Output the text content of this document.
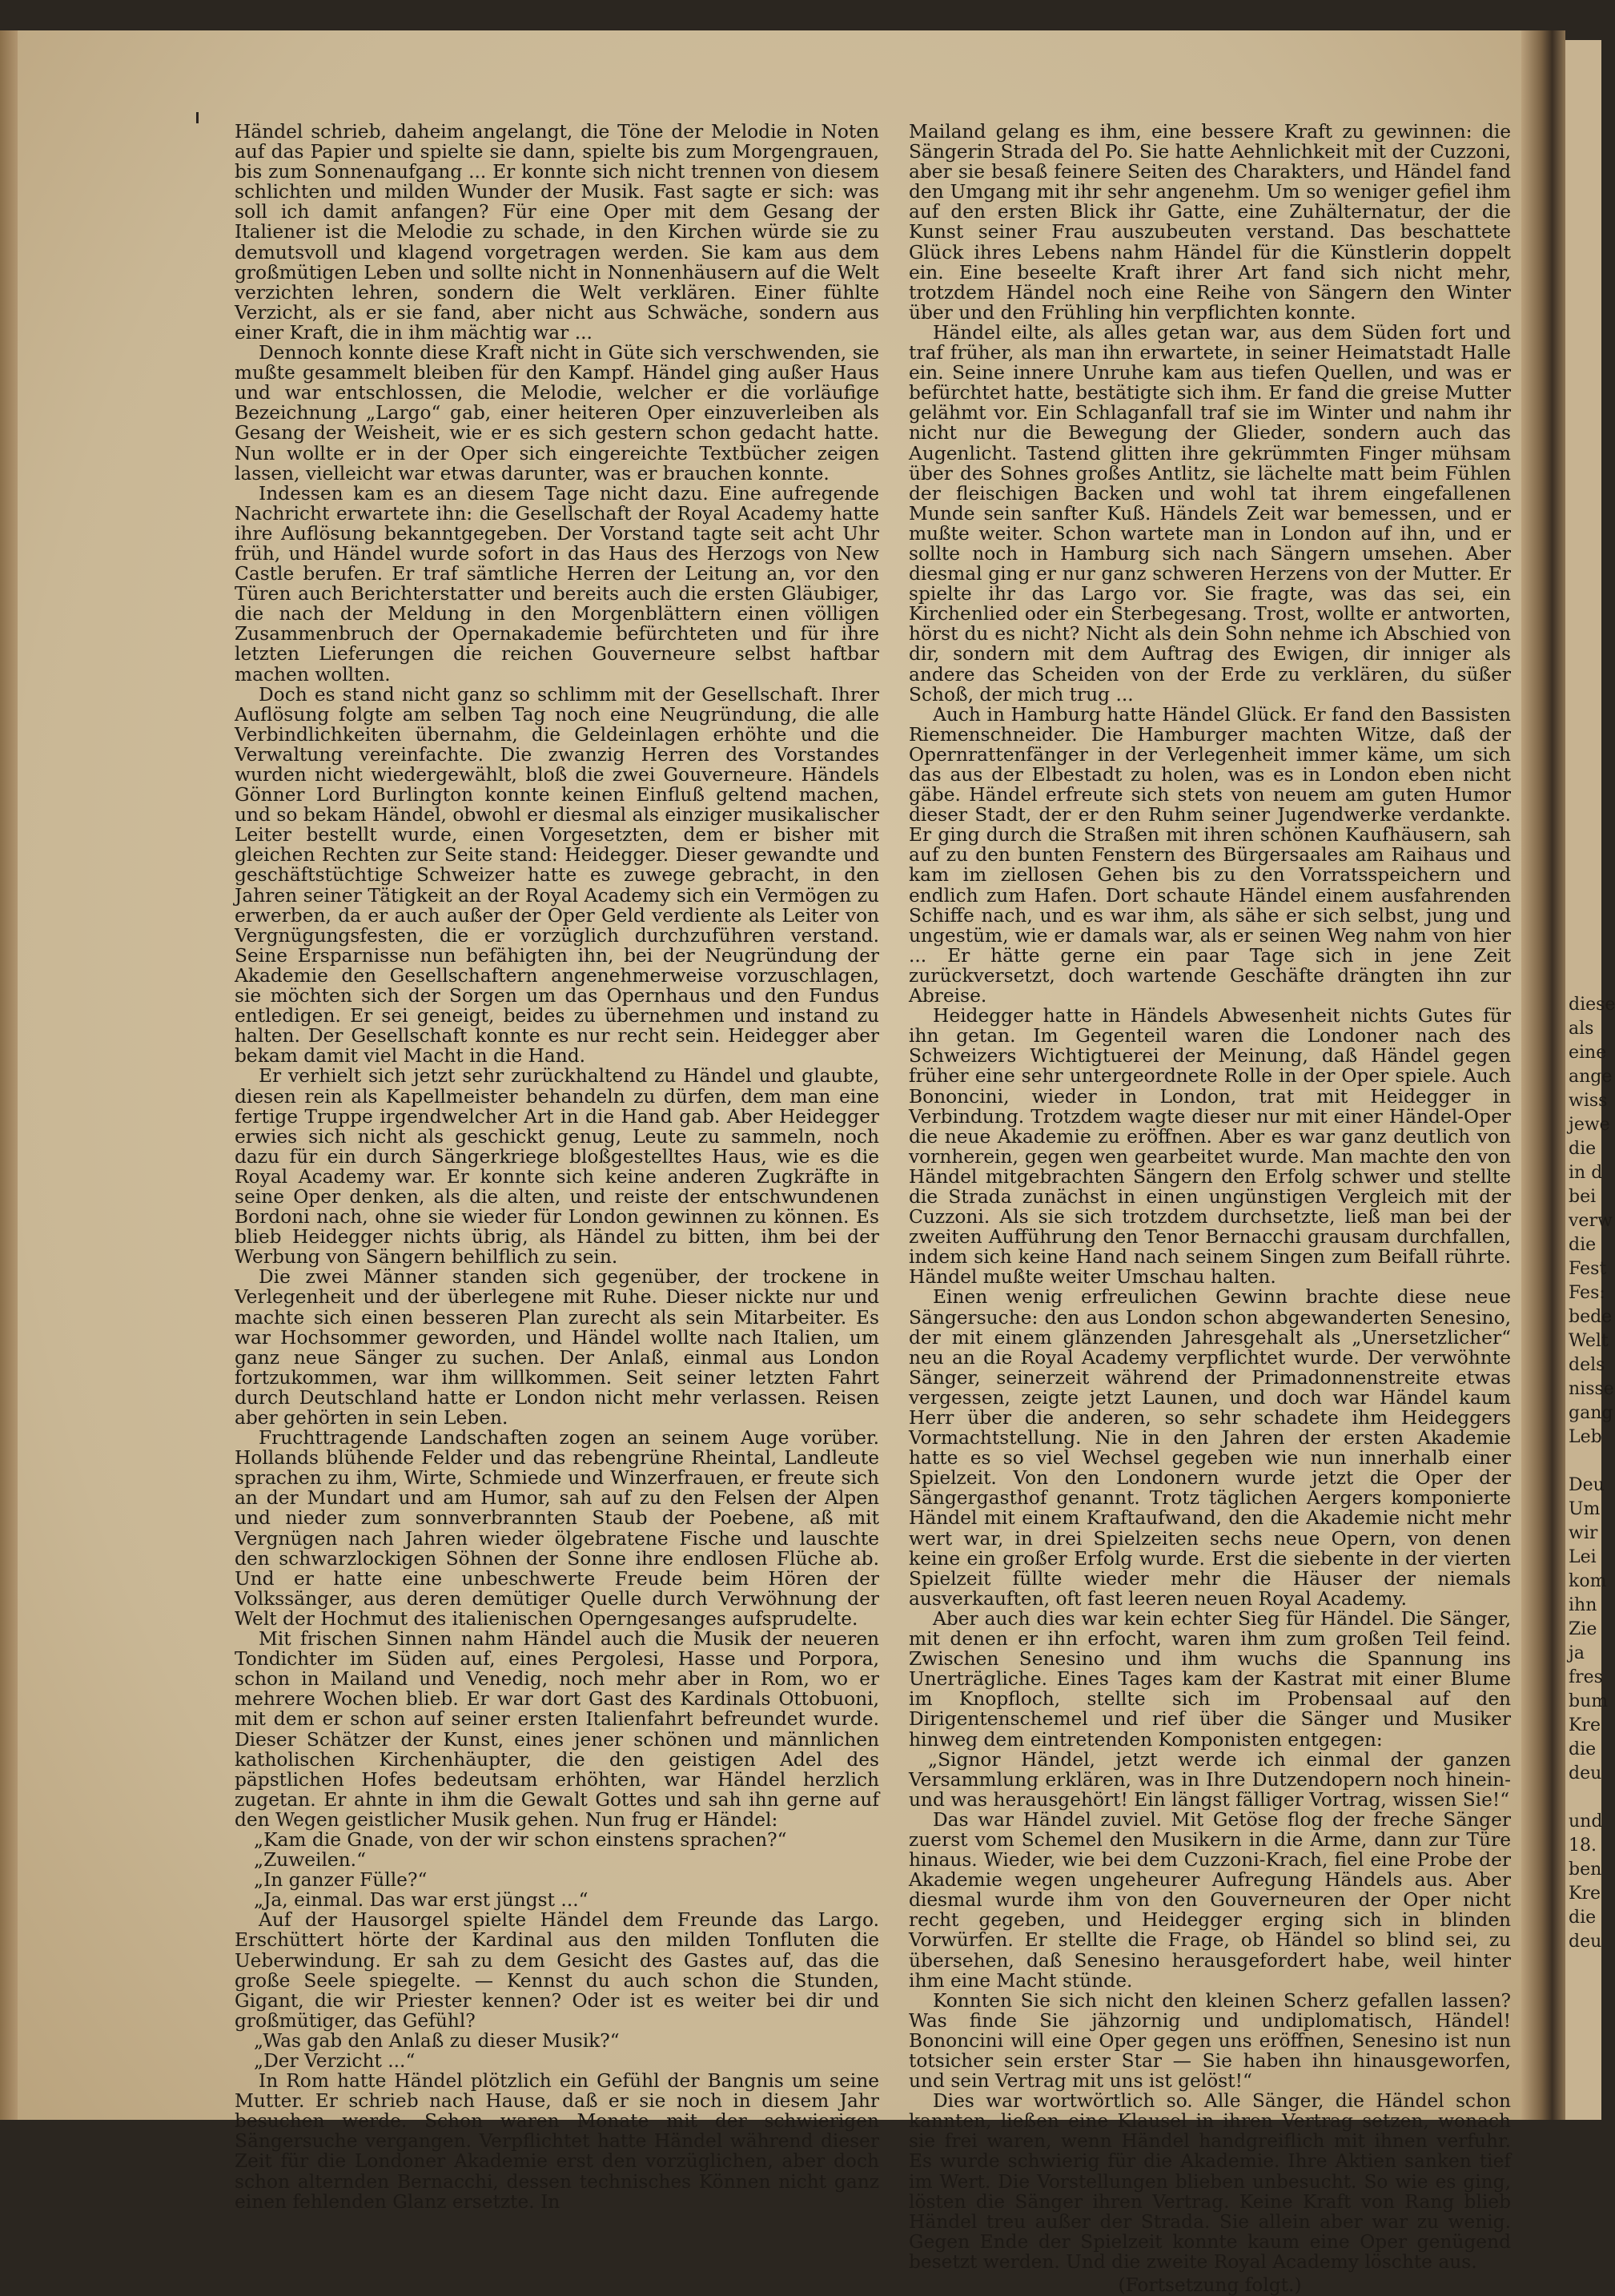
Händel schrieb, daheim angelangt, die Töne der Melodie in Noten auf das Papier und spielte sie dann, spielte bis zum Morgengrauen, bis zum Sonnenaufgang ... Er konnte sich nicht trennen von diesem schlichten und milden Wunder der Musik. Fast sagte er sich: was soll ich damit anfangen? Für eine Oper mit dem Gesang der Italiener ist die Melodie zu schade, in den Kirchen würde sie zu demutsvoll und klagend vorgetragen werden. Sie kam aus dem großmütigen Leben und sollte nicht in Nonnenhäusern auf die Welt verzichten lehren, sondern die Welt verklären. Einer fühlte Verzicht, als er sie fand, aber nicht aus Schwäche, sondern aus einer Kraft, die in ihm mächtig war ...

Dennoch konnte diese Kraft nicht in Güte sich verschwenden, sie mußte gesammelt bleiben für den Kampf. Händel ging außer Haus und war entschlossen, die Melodie, welcher er die vorläufige Bezeichnung „Largo“ gab, einer heiteren Oper einzuverleiben als Gesang der Weisheit, wie er es sich gestern schon gedacht hatte. Nun wollte er in der Oper sich eingereichte Textbücher zeigen lassen, vielleicht war etwas darunter, was er brauchen konnte.

Indessen kam es an diesem Tage nicht dazu. Eine aufregende Nachricht erwartete ihn: die Gesellschaft der Royal Academy hatte ihre Auflösung bekanntgegeben. Der Vorstand tagte seit acht Uhr früh, und Händel wurde sofort in das Haus des Herzogs von New Castle berufen. Er traf sämtliche Herren der Leitung an, vor den Türen auch Berichterstatter und bereits auch die ersten Gläubiger, die nach der Meldung in den Morgenblättern einen völligen Zusammenbruch der Opernakademie befürchteten und für ihre letzten Lieferungen die reichen Gouverneure selbst haftbar machen wollten.

Doch es stand nicht ganz so schlimm mit der Gesellschaft. Ihrer Auflösung folgte am selben Tag noch eine Neugründung, die alle Verbindlichkeiten übernahm, die Geldeinlagen erhöhte und die Verwaltung vereinfachte. Die zwanzig Herren des Vorstandes wurden nicht wiedergewählt, bloß die zwei Gouverneure. Händels Gönner Lord Burlington konnte keinen Einfluß geltend machen, und so bekam Händel, obwohl er diesmal als einziger musikalischer Leiter bestellt wurde, einen Vorgesetzten, dem er bisher mit gleichen Rechten zur Seite stand: Heidegger. Dieser gewandte und geschäftstüchtige Schweizer hatte es zuwege gebracht, in den Jahren seiner Tätigkeit an der Royal Academy sich ein Vermögen zu erwerben, da er auch außer der Oper Geld verdiente als Leiter von Vergnügungsfesten, die er vorzüglich durchzuführen verstand. Seine Ersparnisse nun befähigten ihn, bei der Neugründung der Akademie den Gesellschaftern angenehmerweise vorzuschlagen, sie möchten sich der Sorgen um das Opernhaus und den Fundus entledigen. Er sei geneigt, beides zu übernehmen und instand zu halten. Der Gesellschaft konnte es nur recht sein. Heidegger aber bekam damit viel Macht in die Hand.

Er verhielt sich jetzt sehr zurückhaltend zu Händel und glaubte, diesen rein als Kapellmeister behandeln zu dürfen, dem man eine fertige Truppe irgendwelcher Art in die Hand gab. Aber Heidegger erwies sich nicht als geschickt genug, Leute zu sammeln, noch dazu für ein durch Sängerkriege bloßgestelltes Haus, wie es die Royal Academy war. Er konnte sich keine anderen Zugkräfte in seine Oper denken, als die alten, und reiste der entschwundenen Bordoni nach, ohne sie wieder für London gewinnen zu können. Es blieb Heidegger nichts übrig, als Händel zu bitten, ihm bei der Werbung von Sängern behilflich zu sein.

Die zwei Männer standen sich gegenüber, der trockene in Verlegenheit und der überlegene mit Ruhe. Dieser nickte nur und machte sich einen besseren Plan zurecht als sein Mitarbeiter. Es war Hochsommer geworden, und Händel wollte nach Italien, um ganz neue Sänger zu suchen. Der Anlaß, einmal aus London fortzukommen, war ihm willkommen. Seit seiner letzten Fahrt durch Deutschland hatte er London nicht mehr verlassen. Reisen aber gehörten in sein Leben.

Fruchttragende Landschaften zogen an seinem Auge vorüber. Hollands blühende Felder und das rebengrüne Rheintal, Landleute sprachen zu ihm, Wirte, Schmiede und Winzerfrauen, er freute sich an der Mundart und am Humor, sah auf zu den Felsen der Alpen und nieder zum sonnverbrannten Staub der Poebene, aß mit Vergnügen nach Jahren wieder ölgebratene Fische und lauschte den schwarzlockigen Söhnen der Sonne ihre endlosen Flüche ab. Und er hatte eine unbeschwerte Freude beim Hören der Volkssänger, aus deren demütiger Quelle durch Verwöhnung der Welt der Hochmut des italienischen Operngesanges aufsprudelte.

Mit frischen Sinnen nahm Händel auch die Musik der neueren Tondichter im Süden auf, eines Pergolesi, Hasse und Porpora, schon in Mailand und Venedig, noch mehr aber in Rom, wo er mehrere Wochen blieb. Er war dort Gast des Kardinals Ottobuoni, mit dem er schon auf seiner ersten Italienfahrt befreundet wurde. Dieser Schätzer der Kunst, eines jener schönen und männlichen katholischen Kirchenhäupter, die den geistigen Adel des päpstlichen Hofes bedeutsam erhöhten, war Händel herzlich zugetan. Er ahnte in ihm die Gewalt Gottes und sah ihn gerne auf den Wegen geistlicher Musik gehen. Nun frug er Händel:

„Kam die Gnade, von der wir schon einstens sprachen?“

„Zuweilen.“

„In ganzer Fülle?“

„Ja, einmal. Das war erst jüngst ...“

Auf der Hausorgel spielte Händel dem Freunde das Largo. Erschüttert hörte der Kardinal aus den milden Tonfluten die Ueberwindung. Er sah zu dem Gesicht des Gastes auf, das die große Seele spiegelte. — Kennst du auch schon die Stunden, Gigant, die wir Priester kennen? Oder ist es weiter bei dir und großmütiger, das Gefühl?

„Was gab den Anlaß zu dieser Musik?“

„Der Verzicht ...“

In Rom hatte Händel plötzlich ein Gefühl der Bangnis um seine Mutter. Er schrieb nach Hause, daß er sie noch in diesem Jahr besuchen werde. Schon waren Monate mit der schwierigen Sängersuche vergangen. Verpflichtet hatte Händel während dieser Zeit für die Londoner Akademie erst den vorzüglichen, aber doch schon alternden Bernacchi, dessen technisches Können nicht ganz einen fehlenden Glanz ersetzte. In

Mailand gelang es ihm, eine bessere Kraft zu gewinnen: die Sängerin Strada del Po. Sie hatte Aehnlichkeit mit der Cuzzoni, aber sie besaß feinere Seiten des Charakters, und Händel fand den Umgang mit ihr sehr angenehm. Um so weniger gefiel ihm auf den ersten Blick ihr Gatte, eine Zuhälternatur, der die Kunst seiner Frau auszubeuten verstand. Das beschattete Glück ihres Lebens nahm Händel für die Künstlerin doppelt ein. Eine beseelte Kraft ihrer Art fand sich nicht mehr, trotzdem Händel noch eine Reihe von Sängern den Winter über und den Frühling hin verpflichten konnte.

Händel eilte, als alles getan war, aus dem Süden fort und traf früher, als man ihn erwartete, in seiner Heimatstadt Halle ein. Seine innere Unruhe kam aus tiefen Quellen, und was er befürchtet hatte, bestätigte sich ihm. Er fand die greise Mutter gelähmt vor. Ein Schlaganfall traf sie im Winter und nahm ihr nicht nur die Bewegung der Glieder, sondern auch das Augenlicht. Tastend glitten ihre gekrümmten Finger mühsam über des Sohnes großes Antlitz, sie lächelte matt beim Fühlen der fleischigen Backen und wohl tat ihrem eingefallenen Munde sein sanfter Kuß. Händels Zeit war bemessen, und er mußte weiter. Schon wartete man in London auf ihn, und er sollte noch in Hamburg sich nach Sängern umsehen. Aber diesmal ging er nur ganz schweren Herzens von der Mutter. Er spielte ihr das Largo vor. Sie fragte, was das sei, ein Kirchenlied oder ein Sterbegesang. Trost, wollte er antworten, hörst du es nicht? Nicht als dein Sohn nehme ich Abschied von dir, sondern mit dem Auftrag des Ewigen, dir inniger als andere das Scheiden von der Erde zu verklären, du süßer Schoß, der mich trug ...

Auch in Hamburg hatte Händel Glück. Er fand den Bassisten Riemenschneider. Die Hamburger machten Witze, daß der Opernrattenfänger in der Verlegenheit immer käme, um sich das aus der Elbestadt zu holen, was es in London eben nicht gäbe. Händel erfreute sich stets von neuem am guten Humor dieser Stadt, der er den Ruhm seiner Jugendwerke verdankte. Er ging durch die Straßen mit ihren schönen Kaufhäusern, sah auf zu den bunten Fenstern des Bürgersaales am Raihaus und kam im ziellosen Gehen bis zu den Vorratsspeichern und endlich zum Hafen. Dort schaute Händel einem ausfahrenden Schiffe nach, und es war ihm, als sähe er sich selbst, jung und ungestüm, wie er damals war, als er seinen Weg nahm von hier ... Er hätte gerne ein paar Tage sich in jene Zeit zurückversetzt, doch wartende Geschäfte drängten ihn zur Abreise.

Heidegger hatte in Händels Abwesenheit nichts Gutes für ihn getan. Im Gegenteil waren die Londoner nach des Schweizers Wichtigtuerei der Meinung, daß Händel gegen früher eine sehr untergeordnete Rolle in der Oper spiele. Auch Bononcini, wieder in London, trat mit Heidegger in Verbindung. Trotzdem wagte dieser nur mit einer Händel-Oper die neue Akademie zu eröffnen. Aber es war ganz deutlich von vornherein, gegen wen gearbeitet wurde. Man machte den von Händel mitgebrachten Sängern den Erfolg schwer und stellte die Strada zunächst in einen ungünstigen Vergleich mit der Cuzzoni. Als sie sich trotzdem durchsetzte, ließ man bei der zweiten Aufführung den Tenor Bernacchi grausam durchfallen, indem sich keine Hand nach seinem Singen zum Beifall rührte. Händel mußte weiter Umschau halten.

Einen wenig erfreulichen Gewinn brachte diese neue Sängersuche: den aus London schon abgewanderten Senesino, der mit einem glänzenden Jahresgehalt als „Unersetzlicher“ neu an die Royal Academy verpflichtet wurde. Der verwöhnte Sänger, seinerzeit während der Primadonnenstreite etwas vergessen, zeigte jetzt Launen, und doch war Händel kaum Herr über die anderen, so sehr schadete ihm Heideggers Vormachtstellung. Nie in den Jahren der ersten Akademie hatte es so viel Wechsel gegeben wie nun innerhalb einer Spielzeit. Von den Londonern wurde jetzt die Oper der Sängergasthof genannt. Trotz täglichen Aergers komponierte Händel mit einem Kraftaufwand, den die Akademie nicht mehr wert war, in drei Spielzeiten sechs neue Opern, von denen keine ein großer Erfolg wurde. Erst die siebente in der vierten Spielzeit füllte wieder mehr die Häuser der niemals ausverkauften, oft fast leeren neuen Royal Academy.

Aber auch dies war kein echter Sieg für Händel. Die Sänger, mit denen er ihn erfocht, waren ihm zum großen Teil feind. Zwischen Senesino und ihm wuchs die Spannung ins Unerträgliche. Eines Tages kam der Kastrat mit einer Blume im Knopfloch, stellte sich im Probensaal auf den Dirigentenschemel und rief über die Sänger und Musiker hinweg dem eintretenden Komponisten entgegen:

„Signor Händel, jetzt werde ich einmal der ganzen Versammlung erklären, was in Ihre Dutzendopern noch hinein- und was herausgehört! Ein längst fälliger Vortrag, wissen Sie!“

Das war Händel zuviel. Mit Getöse flog der freche Sänger zuerst vom Schemel den Musikern in die Arme, dann zur Türe hinaus. Wieder, wie bei dem Cuzzoni-Krach, fiel eine Probe der Akademie wegen ungeheurer Aufregung Händels aus. Aber diesmal wurde ihm von den Gouverneuren der Oper nicht recht gegeben, und Heidegger erging sich in blinden Vorwürfen. Er stellte die Frage, ob Händel so blind sei, zu übersehen, daß Senesino herausgefordert habe, weil hinter ihm eine Macht stünde.

Konnten Sie sich nicht den kleinen Scherz gefallen lassen? Was finde Sie jähzornig und undiplomatisch, Händel! Bononcini will eine Oper gegen uns eröffnen, Senesino ist nun totsicher sein erster Star — Sie haben ihn hinausgeworfen, und sein Vertrag mit uns ist gelöst!“

Dies war wortwörtlich so. Alle Sänger, die Händel schon kannten, ließen eine Klausel in ihren Vertrag setzen, wonach sie frei waren, wenn Händel handgreiflich mit ihnen verfuhr. Es wurde schwierig für die Akademie. Ihre Aktien sanken tief im Wert. Die Vorstellungen blieben unbesucht. So wie es ging, lösten die Sänger ihren Vertrag. Keine Kraft von Rang blieb Händel treu außer der Strada. Sie allein aber war zu wenig. Gegen Ende der Spielzeit konnte kaum eine Oper genügend besetzt werden. Und die zweite Royal Academy löschte aus.

(Fortsetzung folgt.)

diese
als
eine
ange
wiss
jewe
die
in d
bei
verw
die
Fest
Fes:
bede
Welt
dels
nisse
gang
Leb
Deu
Um
wir
Lei
kom
ihn
Zie
ja
fres
bum
Kre
die
deu
und
18.
ben
Kre
die
deu
